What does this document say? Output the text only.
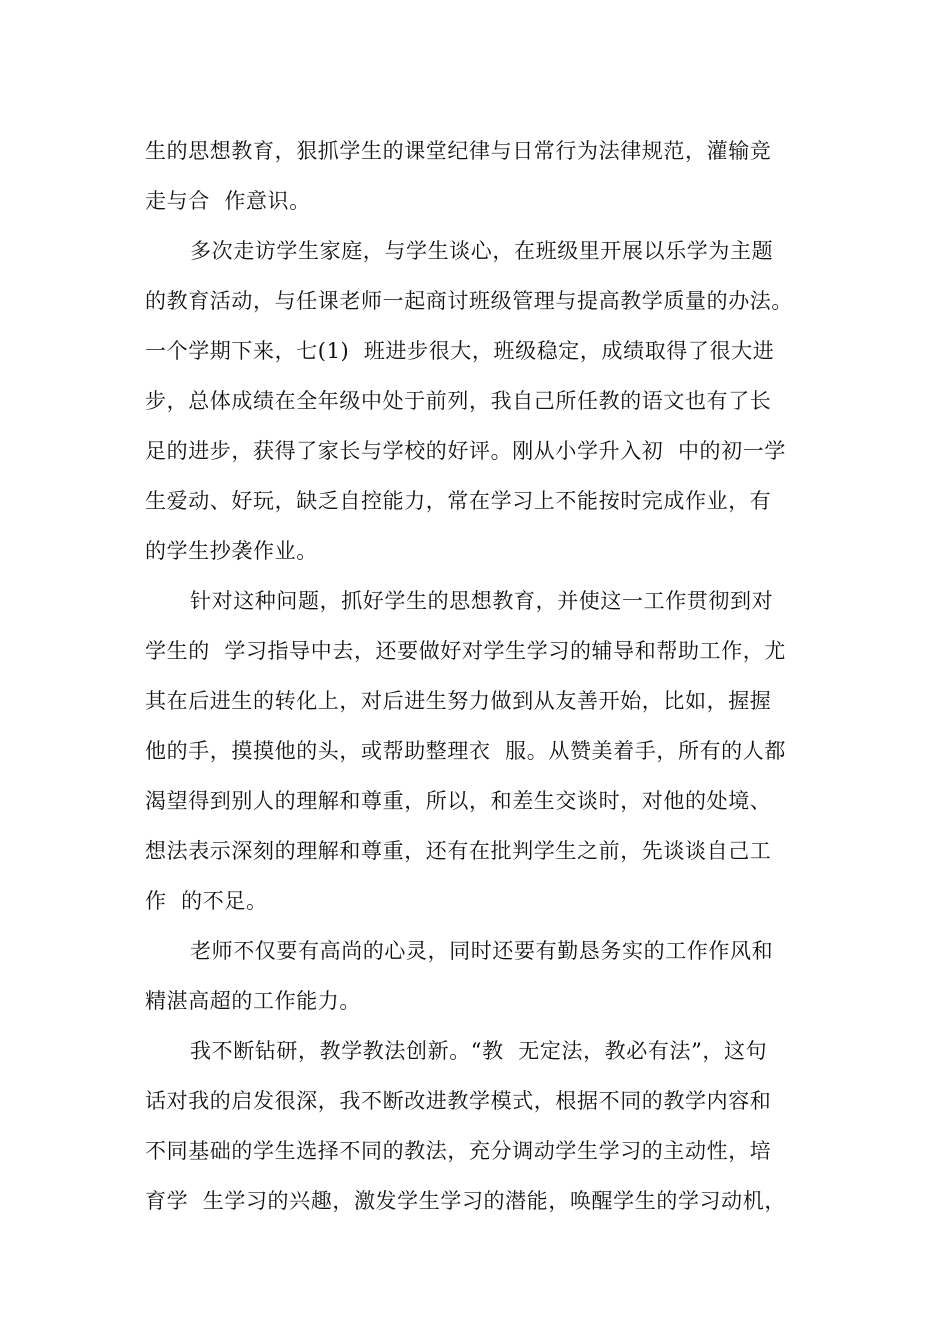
生的思想教育，狠抓学生的课堂纪律与日常行为法律规范，灌输竞
走与合  作意识。
多次走访学生家庭，与学生谈心，在班级里开展以乐学为主题
的教育活动，与任课老师一起商讨班级管理与提高教学质量的办法。
一个学期下来，七(1)  班进步很大，班级稳定，成绩取得了很大进
步，总体成绩在全年级中处于前列，我自己所任教的语文也有了长
足的进步，获得了家长与学校的好评。刚从小学升入初  中的初一学
生爱动、好玩，缺乏自控能力，常在学习上不能按时完成作业，有
的学生抄袭作业。
针对这种问题，抓好学生的思想教育，并使这一工作贯彻到对
学生的  学习指导中去，还要做好对学生学习的辅导和帮助工作，尤
其在后进生的转化上，对后进生努力做到从友善开始，比如，握握
他的手，摸摸他的头，或帮助整理衣  服。从赞美着手，所有的人都
渴望得到别人的理解和尊重，所以，和差生交谈时，对他的处境、
想法表示深刻的理解和尊重，还有在批判学生之前，先谈谈自己工
作  的不足。
老师不仅要有高尚的心灵，同时还要有勤恳务实的工作作风和
精湛高超的工作能力。
我不断钻研，教学教法创新。“教  无定法，教必有法”，这句
话对我的启发很深，我不断改进教学模式，根据不同的教学内容和
不同基础的学生选择不同的教法，充分调动学生学习的主动性，培
育学  生学习的兴趣，激发学生学习的潜能，唤醒学生的学习动机，
